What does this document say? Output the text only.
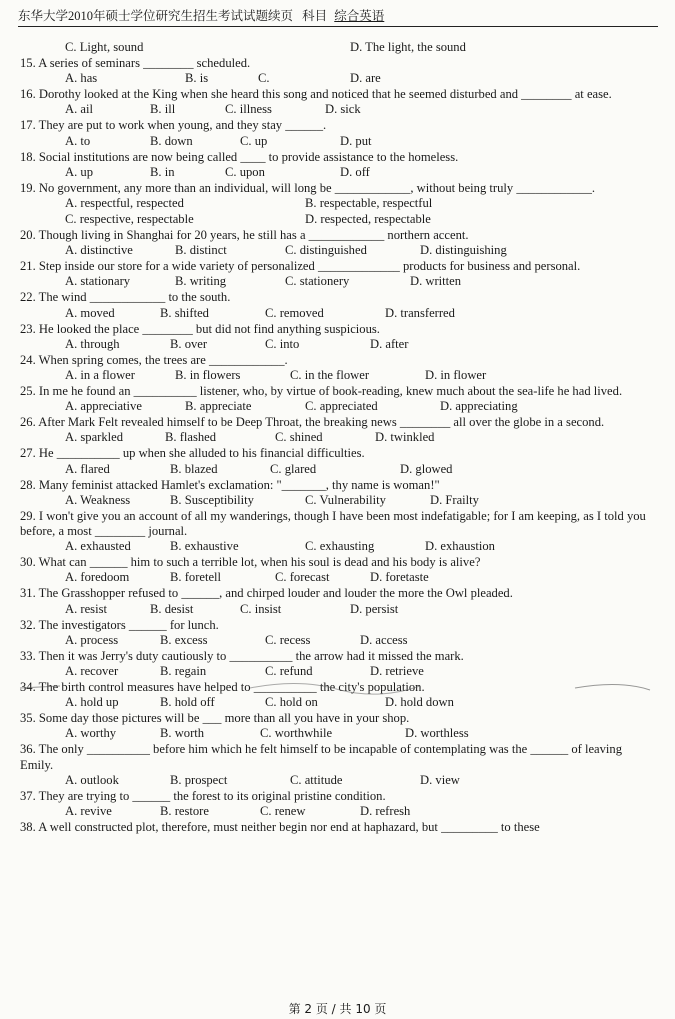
东华大学2010年硕士学位研究生招生考试试题续页 科目 综合英语
C. Light, sound	D. The light, the sound
15. A series of seminars ________ scheduled.
A. has	B. is	C.	D. are
16. Dorothy looked at the King when she heard this song and noticed that he seemed disturbed and ________ at ease.
A. ail	B. ill	C. illness	D. sick
17. They are put to work when young, and they stay ______.
A. to	B. down	C. up	D. put
18. Social institutions are now being called ____ to provide assistance to the homeless.
A. up	B. in	C. upon	D. off
19. No government, any more than an individual, will long be ____________, without being truly ____________.
A. respectful, respected	B. respectable, respectful
C. respective, respectable	D. respected, respectable
20. Though living in Shanghai for 20 years, he still has a ____________ northern accent.
A. distinctive	B. distinct	C. distinguished	D. distinguishing
21. Step inside our store for a wide variety of personalized _____________ products for business and personal.
A. stationary	B. writing	C. stationery	D. written
22. The wind ____________ to the south.
A. moved	B. shifted	C. removed	D. transferred
23. He looked the place ________ but did not find anything suspicious.
A. through	B. over	C. into	D. after
24. When spring comes, the trees are ____________.
A. in a flower	B. in flowers	C. in the flower	D. in flower
25. In me he found an __________ listener, who, by virtue of book-reading, knew much about the sea-life he had lived.
A. appreciative	B. appreciate	C. appreciated	D. appreciating
26. After Mark Felt revealed himself to be Deep Throat, the breaking news ________ all over the globe in a second.
A. sparkled	B. flashed	C. shined	D. twinkled
27. He __________ up when she alluded to his financial difficulties.
A. flared	B. blazed	C. glared	D. glowed
28. Many feminist attacked Hamlet's exclamation: "_______, thy name is woman!"
A. Weakness	B. Susceptibility	C. Vulnerability	D. Frailty
29. I won't give you an account of all my wanderings, though I have been most indefatigable; for I am keeping, as I told you before, a most ________ journal.
A. exhausted	B. exhaustive	C. exhausting	D. exhaustion
30. What can ______ him to such a terrible lot, when his soul is dead and his body is alive?
A. foredoom	B. foretell	C. forecast	D. foretaste
31. The Grasshopper refused to ______, and chirped louder and louder the more the Owl pleaded.
A. resist	B. desist	C. insist	D. persist
32. The investigators ______ for lunch.
A. process	B. excess	C. recess	D. access
33. Then it was Jerry's duty cautiously to __________ the arrow had it missed the mark.
A. recover	B. regain	C. refund	D. retrieve
34. The birth control measures have helped to __________ the city's population.
A. hold up	B. hold off	C. hold on	D. hold down
35. Some day those pictures will be ___ more than all you have in your shop.
A. worthy	B. worth	C. worthwhile	D. worthless
36. The only __________ before him which he felt himself to be incapable of contemplating was the ______ of leaving Emily.
A. outlook	B. prospect	C. attitude	D. view
37. They are trying to ______ the forest to its original pristine condition.
A. revive	B. restore	C. renew	D. refresh
38. A well constructed plot, therefore, must neither begin nor end at haphazard, but _________ to these
第 2 页 / 共 10 页
